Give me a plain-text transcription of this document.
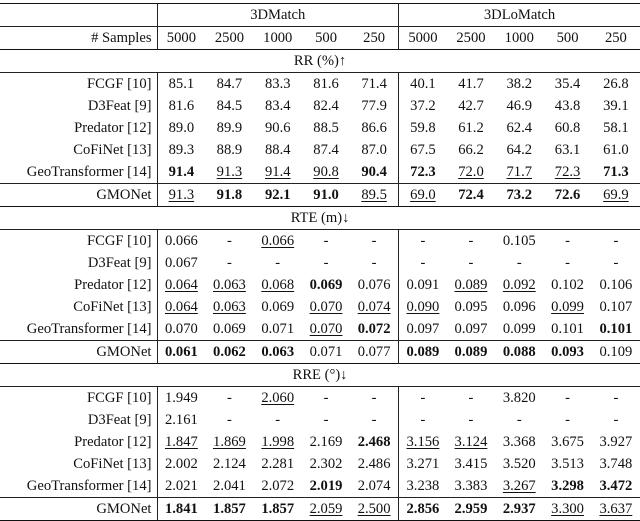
	3DMatch					3DLoMatch				
# Samples	5000	2500	1000	500	250	5000	2500	1000	500	250
RR (%)↑										
FCGF [10]	85.1	84.7	83.3	81.6	71.4	40.1	41.7	38.2	35.4	26.8
D3Feat [9]	81.6	84.5	83.4	82.4	77.9	37.2	42.7	46.9	43.8	39.1
Predator [12]	89.0	89.9	90.6	88.5	86.6	59.8	61.2	62.4	60.8	58.1
CoFiNet [13]	89.3	88.9	88.4	87.4	87.0	67.5	66.2	64.2	63.1	61.0
GeoTransformer [14]	91.4	91.3	91.4	90.8	90.4	72.3	72.0	71.7	72.3	71.3
GMONet	91.3	91.8	92.1	91.0	89.5	69.0	72.4	73.2	72.6	69.9
RTE (m)↓										
FCGF [10]	0.066	-	0.066	-	-	-	-	0.105	-	-
D3Feat [9]	0.067	-	-	-	-	-	-	-	-	-
Predator [12]	0.064	0.063	0.068	0.069	0.076	0.091	0.089	0.092	0.102	0.106
CoFiNet [13]	0.064	0.063	0.069	0.070	0.074	0.090	0.095	0.096	0.099	0.107
GeoTransformer [14]	0.070	0.069	0.071	0.070	0.072	0.097	0.097	0.099	0.101	0.101
GMONet	0.061	0.062	0.063	0.071	0.077	0.089	0.089	0.088	0.093	0.109
RRE (°)↓										
FCGF [10]	1.949	-	2.060	-	-	-	-	3.820	-	-
D3Feat [9]	2.161	-	-	-	-	-	-	-	-	-
Predator [12]	1.847	1.869	1.998	2.169	2.468	3.156	3.124	3.368	3.675	3.927
CoFiNet [13]	2.002	2.124	2.281	2.302	2.486	3.271	3.415	3.520	3.513	3.748
GeoTransformer [14]	2.021	2.041	2.072	2.019	2.074	3.238	3.383	3.267	3.298	3.472
GMONet	1.841	1.857	1.857	2.059	2.500	2.856	2.959	2.937	3.300	3.637
